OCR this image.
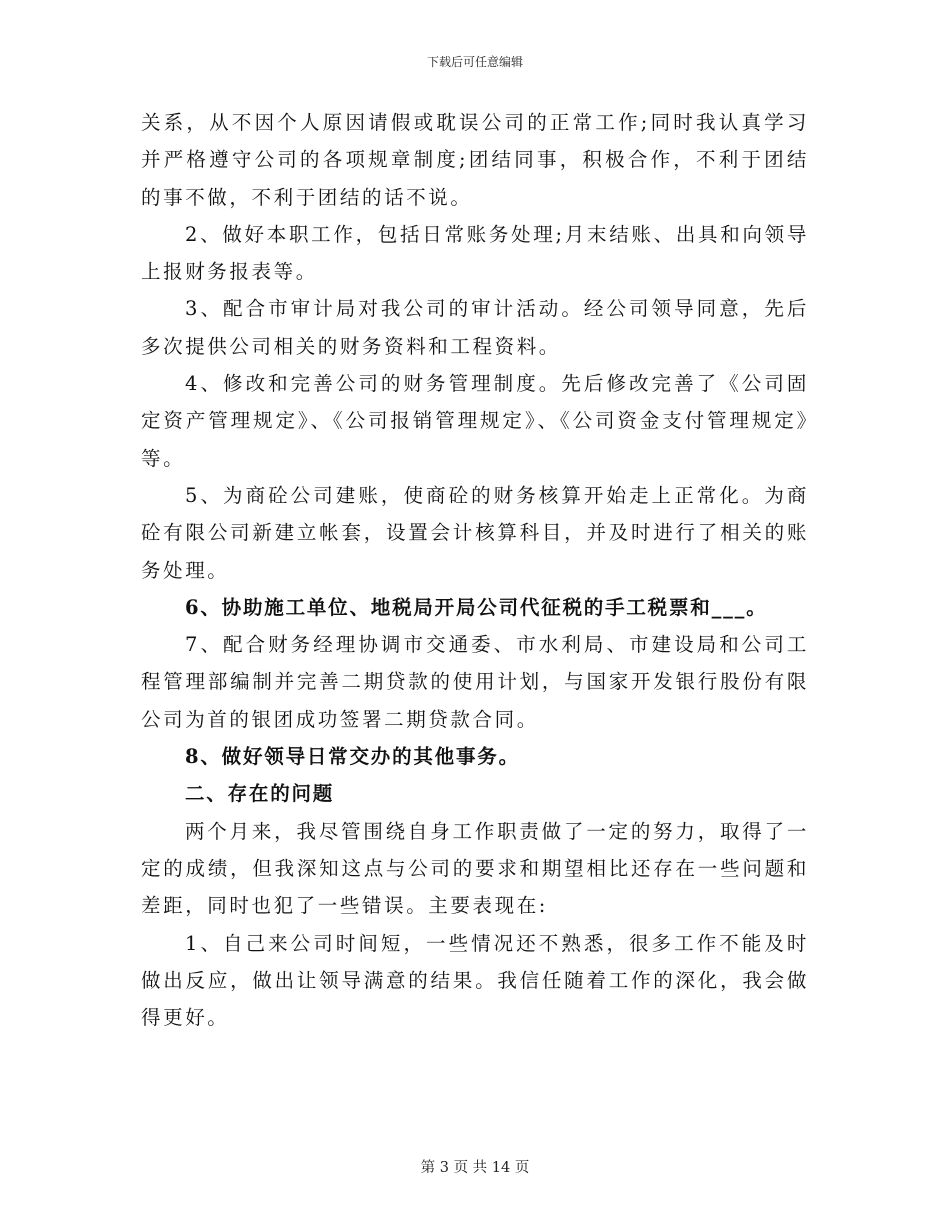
下载后可任意编辑

关系，从不因个人原因请假或耽误公司的正常工作;同时我认真学习并严格遵守公司的各项规章制度;团结同事，积极合作，不利于团结的事不做，不利于团结的话不说。

2、做好本职工作，包括日常账务处理;月末结账、出具和向领导上报财务报表等。

3、配合市审计局对我公司的审计活动。经公司领导同意，先后多次提供公司相关的财务资料和工程资料。

4、修改和完善公司的财务管理制度。先后修改完善了《公司固定资产管理规定》、《公司报销管理规定》、《公司资金支付管理规定》等。

5、为商砼公司建账，使商砼的财务核算开始走上正常化。为商砼有限公司新建立帐套，设置会计核算科目，并及时进行了相关的账务处理。

6、协助施工单位、地税局开局公司代征税的手工税票和___。

7、配合财务经理协调市交通委、市水利局、市建设局和公司工程管理部编制并完善二期贷款的使用计划，与国家开发银行股份有限公司为首的银团成功签署二期贷款合同。

8、做好领导日常交办的其他事务。

二、存在的问题

两个月来，我尽管围绕自身工作职责做了一定的努力，取得了一定的成绩，但我深知这点与公司的要求和期望相比还存在一些问题和差距，同时也犯了一些错误。主要表现在:

1、自己来公司时间短，一些情况还不熟悉，很多工作不能及时做出反应，做出让领导满意的结果。我信任随着工作的深化，我会做得更好。

第 3 页 共 14 页
